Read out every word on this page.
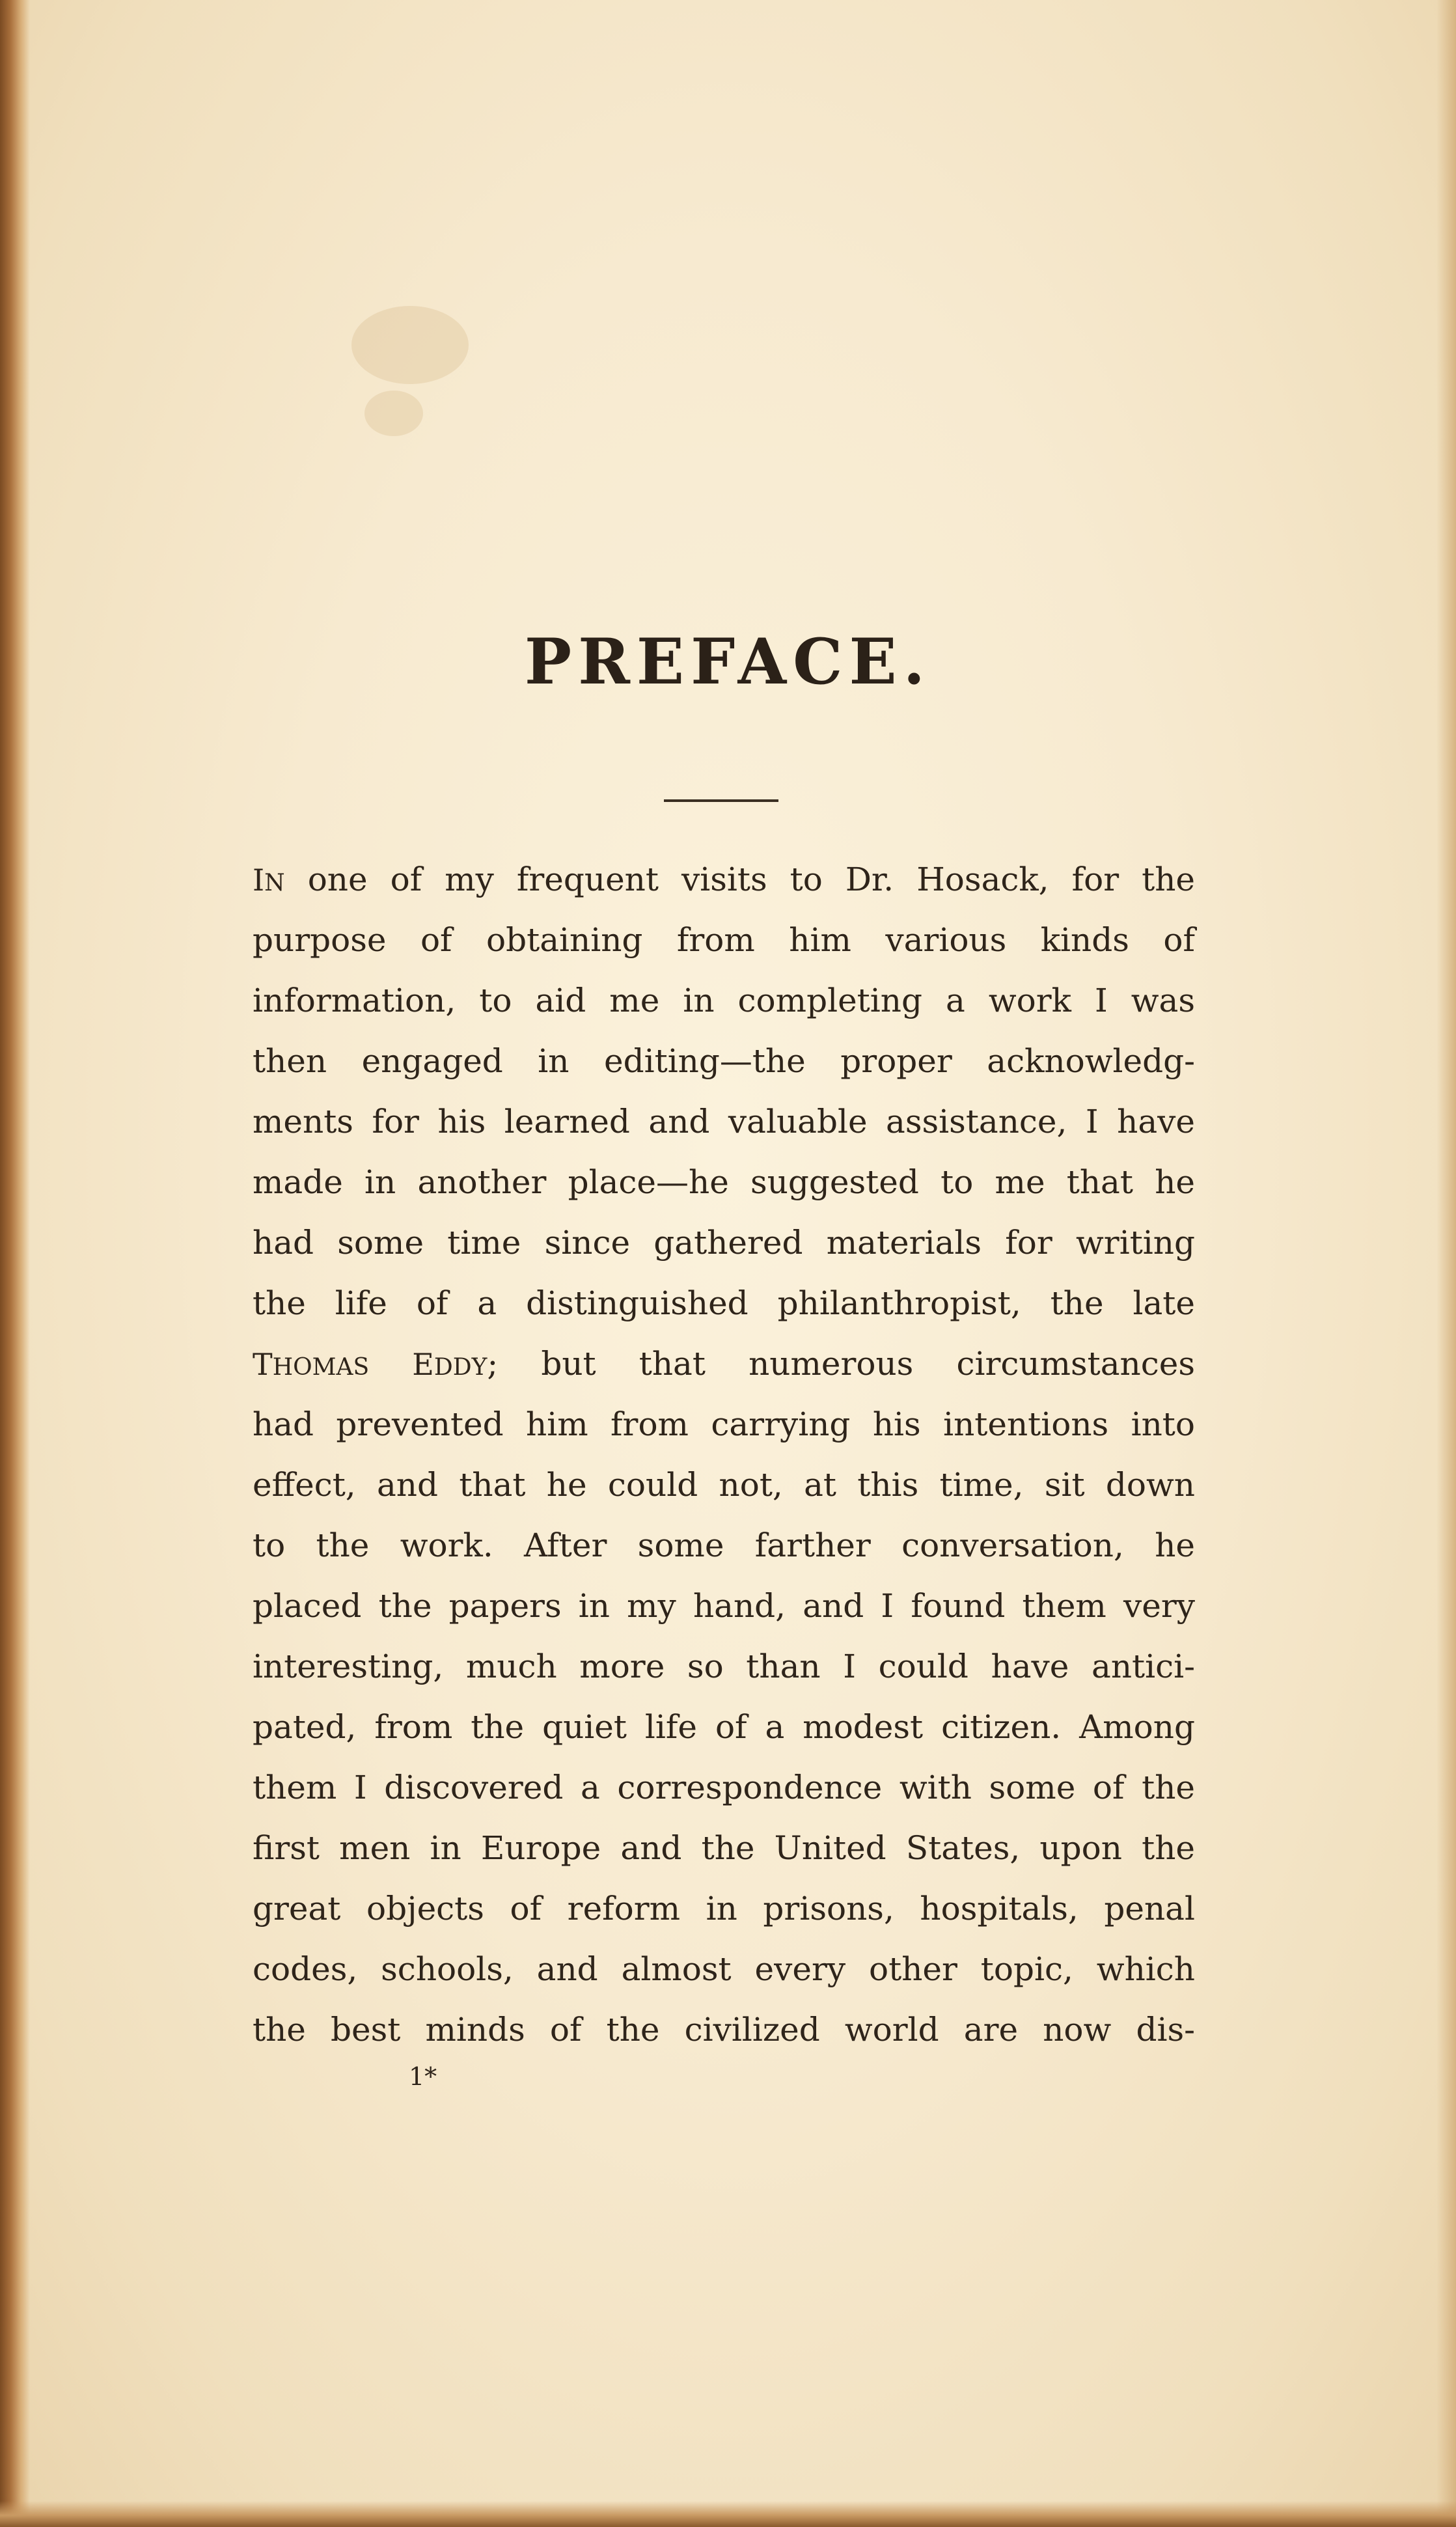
PREFACE.
IN one of my frequent visits to Dr. Hosack, for the
purpose of obtaining from him various kinds of
information, to aid me in completing a work I was
then engaged in editing—the proper acknowledg-
ments for his learned and valuable assistance, I have
made in another place—he suggested to me that he
had some time since gathered materials for writing
the life of a distinguished philanthropist, the late
THOMAS EDDY; but that numerous circumstances
had prevented him from carrying his intentions into
effect, and that he could not, at this time, sit down
to the work. After some farther conversation, he
placed the papers in my hand, and I found them very
interesting, much more so than I could have antici-
pated, from the quiet life of a modest citizen. Among
them I discovered a correspondence with some of the
first men in Europe and the United States, upon the
great objects of reform in prisons, hospitals, penal
codes, schools, and almost every other topic, which
the best minds of the civilized world are now dis-
1*
